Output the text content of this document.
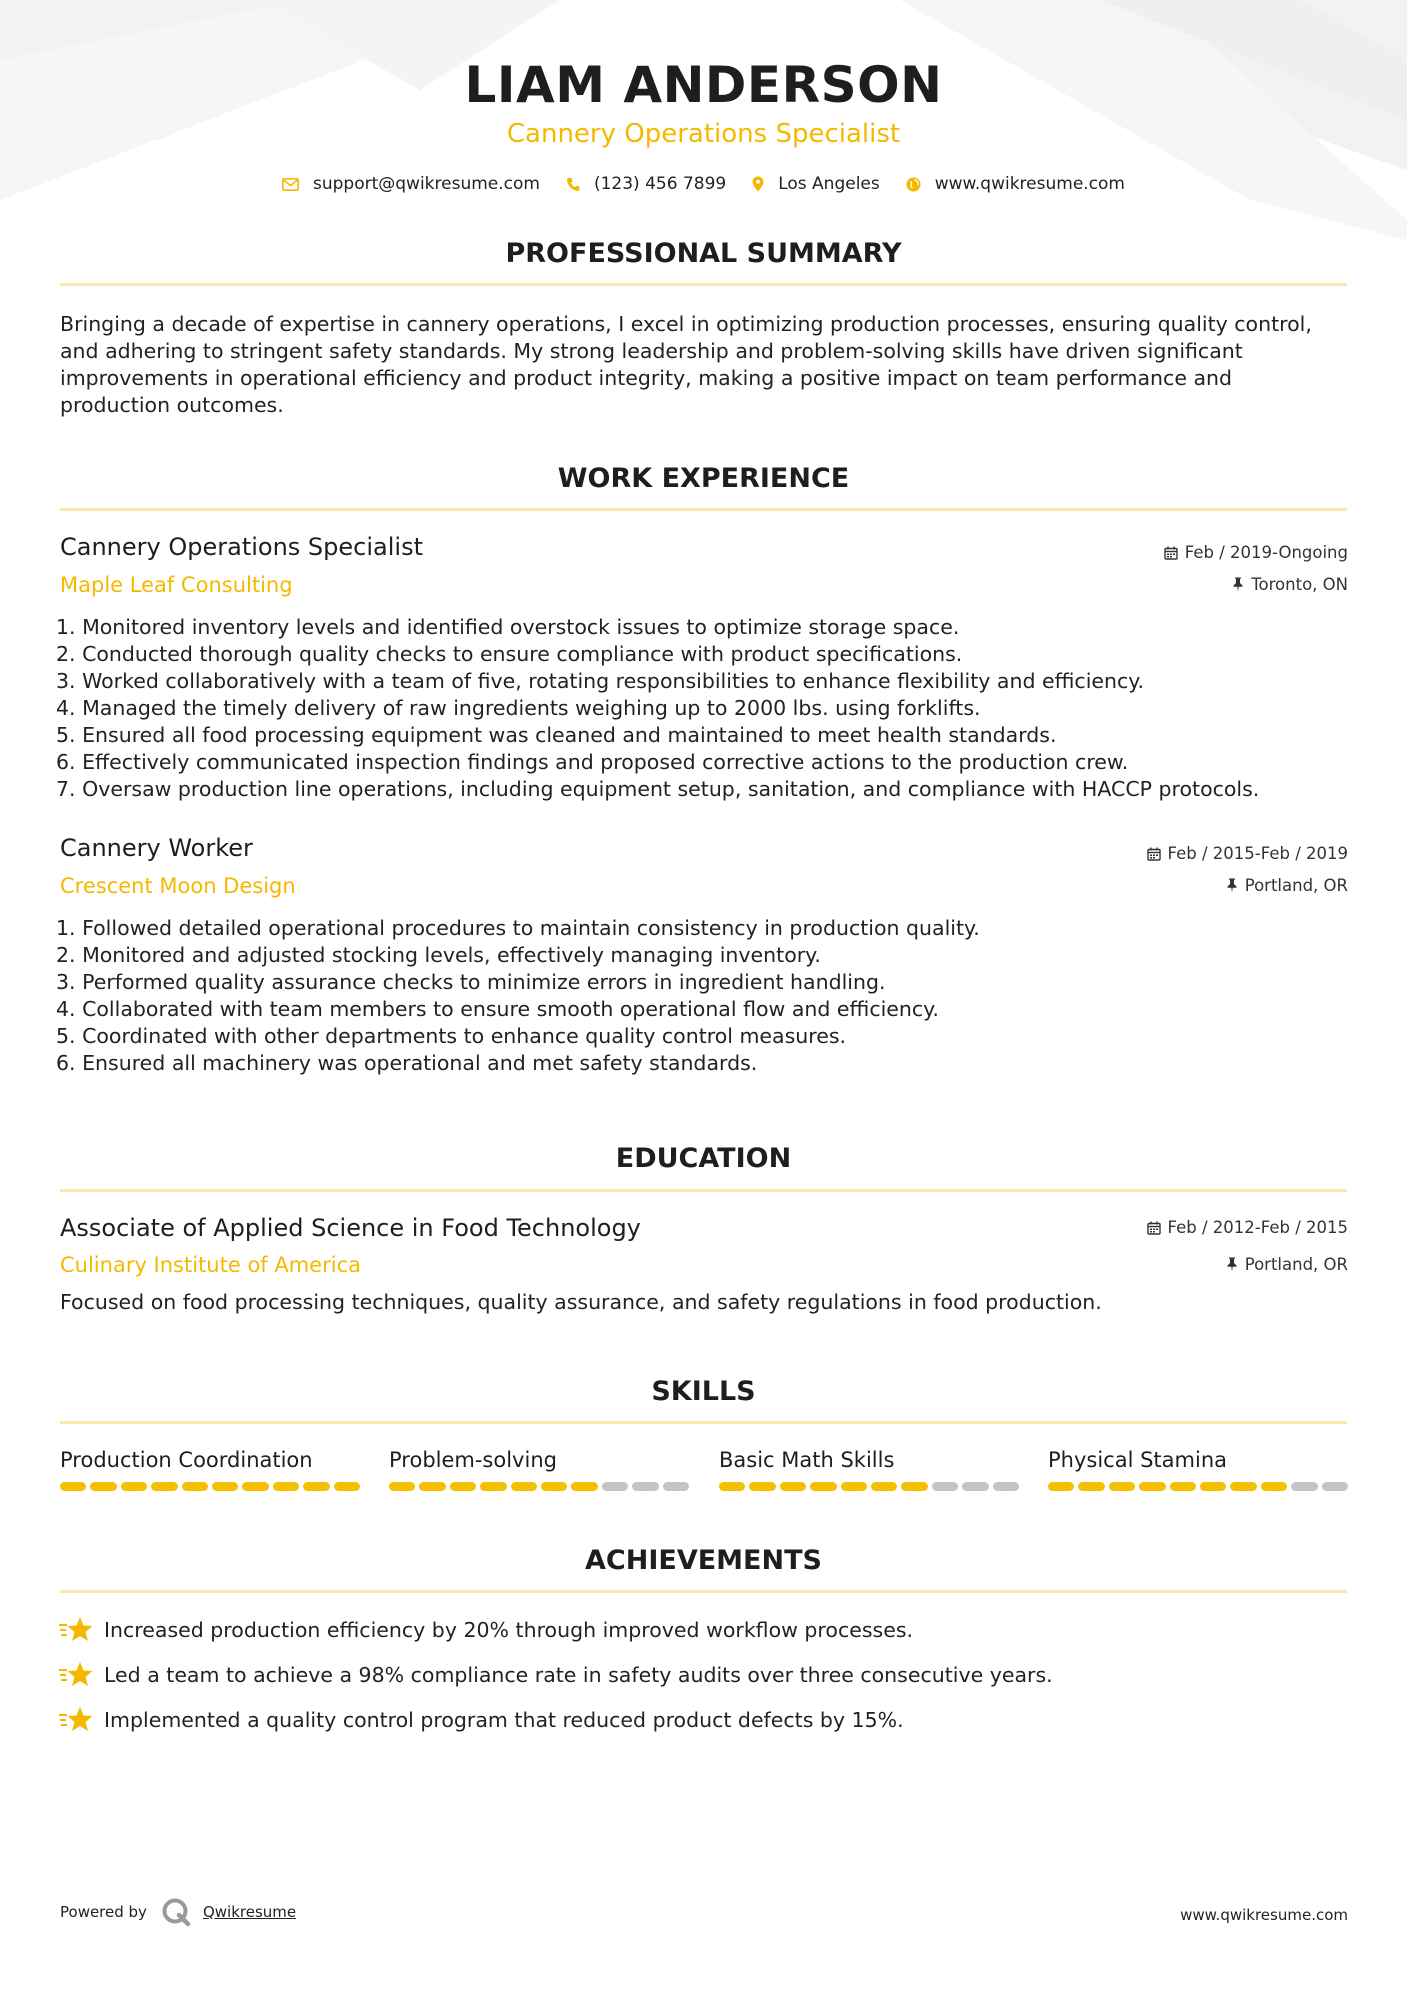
LIAM ANDERSON
Cannery Operations Specialist
support@qwikresume.com	(123) 456 7899	Los Angeles	www.qwikresume.com
PROFESSIONAL SUMMARY
Bringing a decade of expertise in cannery operations, I excel in optimizing production processes, ensuring quality control,
and adhering to stringent safety standards. My strong leadership and problem-solving skills have driven significant
improvements in operational efficiency and product integrity, making a positive impact on team performance and
production outcomes.
WORK EXPERIENCE
Cannery Operations Specialist
Maple Leaf Consulting
Feb / 2019-Ongoing
Toronto, ON
1. Monitored inventory levels and identified overstock issues to optimize storage space.
2. Conducted thorough quality checks to ensure compliance with product specifications.
3. Worked collaboratively with a team of five, rotating responsibilities to enhance flexibility and efficiency.
4. Managed the timely delivery of raw ingredients weighing up to 2000 lbs. using forklifts.
5. Ensured all food processing equipment was cleaned and maintained to meet health standards.
6. Effectively communicated inspection findings and proposed corrective actions to the production crew.
7. Oversaw production line operations, including equipment setup, sanitation, and compliance with HACCP protocols.
Cannery Worker
Crescent Moon Design
Feb / 2015-Feb / 2019
Portland, OR
1. Followed detailed operational procedures to maintain consistency in production quality.
2. Monitored and adjusted stocking levels, effectively managing inventory.
3. Performed quality assurance checks to minimize errors in ingredient handling.
4. Collaborated with team members to ensure smooth operational flow and efficiency.
5. Coordinated with other departments to enhance quality control measures.
6. Ensured all machinery was operational and met safety standards.
EDUCATION
Associate of Applied Science in Food Technology
Culinary Institute of America
Feb / 2012-Feb / 2015
Portland, OR
Focused on food processing techniques, quality assurance, and safety regulations in food production.
SKILLS
Production Coordination	Problem-solving	Basic Math Skills	Physical Stamina
ACHIEVEMENTS
Increased production efficiency by 20% through improved workflow processes.
Led a team to achieve a 98% compliance rate in safety audits over three consecutive years.
Implemented a quality control program that reduced product defects by 15%.
Powered by	Qwikresume	www.qwikresume.com
